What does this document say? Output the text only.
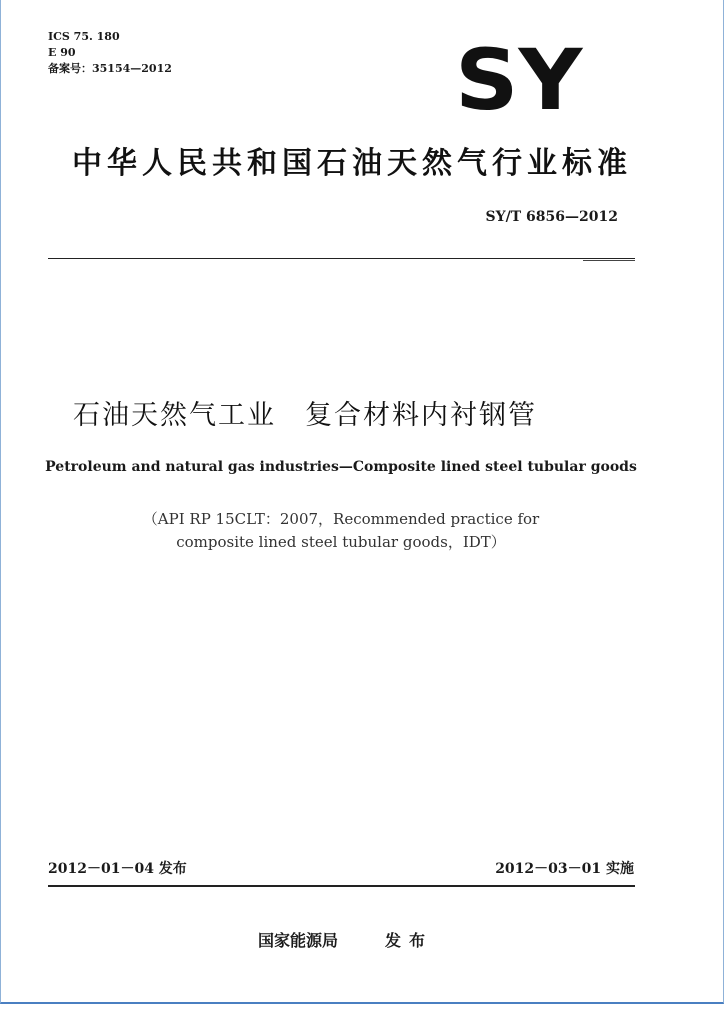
ICS 75. 180
E 90
备案号：35154—2012	SY
中华人民共和国石油天然气行业标准
SY/T 6856—2012
石油天然气工业　复合材料内衬钢管
Petroleum and natural gas industries—Composite lined steel tubular goods
（API RP 15CLT：2007，Recommended practice for
composite lined steel tubular goods，IDT）
2012－01－04 发布	2012－03－01 实施
国家能源局	发布
